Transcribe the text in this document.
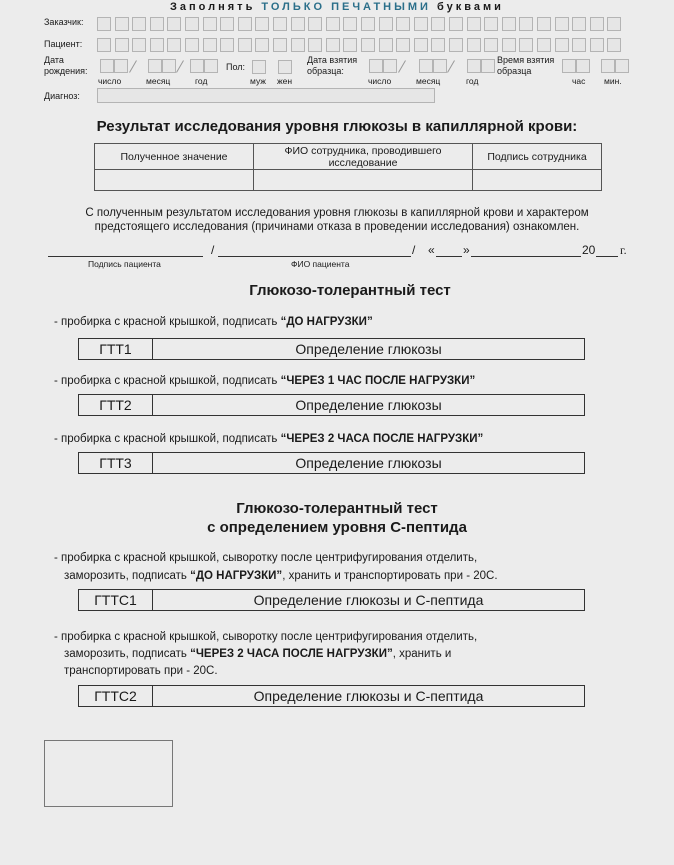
Заполнять ТОЛЬКО ПЕЧАТНЫМИ буквами
Заказчик:
Пациент:
Дата
рождения:
число	месяц	год
Пол:
муж жен
Дата взятия
образца:
число	месяц	год
Время взятия
образца
час мин.
Диагноз:
Результат исследования уровня глюкозы в капиллярной крови:
Полученное значение	ФИО сотрудника, проводившего исследование	Подпись сотрудника

С полученным результатом исследования уровня глюкозы в капиллярной крови и характером
предстоящего исследования (причинами отказа в проведении исследования) ознакомлен.
/	/ « »	20 г.
Подпись пациента	ФИО пациента
Глюкозо-толерантный тест
- пробирка с красной крышкой, подписать “ДО НАГРУЗКИ”
ГТТ1	Определение глюкозы
- пробирка с красной крышкой, подписать “ЧЕРЕЗ 1 ЧАС ПОСЛЕ НАГРУЗКИ”
ГТТ2	Определение глюкозы
- пробирка с красной крышкой, подписать “ЧЕРЕЗ 2 ЧАСА ПОСЛЕ НАГРУЗКИ”
ГТТ3	Определение глюкозы
Глюкозо-толерантный тест
с определением уровня С-пептида
- пробирка с красной крышкой, сыворотку после центрифугирования отделить,
заморозить, подписать “ДО НАГРУЗКИ”, хранить и транспортировать при - 20С.
ГТТС1	Определение глюкозы и С-пептида
- пробирка с красной крышкой, сыворотку после центрифугирования отделить,
заморозить, подписать “ЧЕРЕЗ 2 ЧАСА ПОСЛЕ НАГРУЗКИ”, хранить и
транспортировать при - 20С.
ГТТС2	Определение глюкозы и С-пептида
